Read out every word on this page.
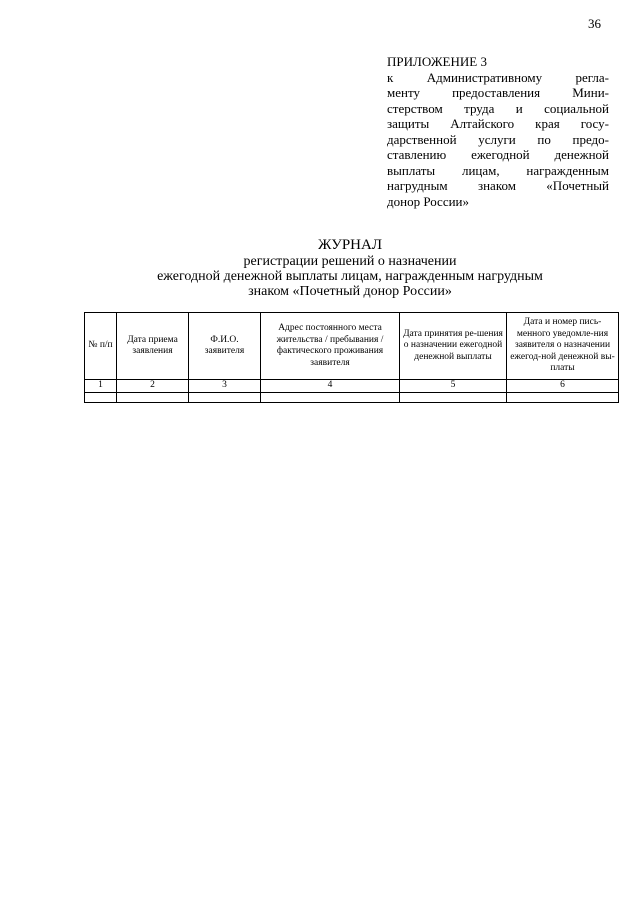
36
ПРИЛОЖЕНИЕ 3
к Административному регла-
менту предоставления Мини-
стерством труда и социальной
защиты Алтайского края госу-
дарственной услуги по предо-
ставлению ежегодной денежной
выплаты лицам, награжденным
нагрудным знаком «Почетный
донор России»
ЖУРНАЛ
регистрации решений о назначении
ежегодной денежной выплаты лицам, награжденным нагрудным
знаком «Почетный донор России»
№ п/п	Дата приема заявления	Ф.И.О. заявителя	Адрес постоянного места жительства / пребывания / фактического проживания заявителя	Дата принятия ре-шения о назначении ежегодной денежной выплаты	Дата и номер пись-менного уведомле-ния заявителя о назначении ежегод-ной денежной вы-платы
1	2	3	4	5	6
